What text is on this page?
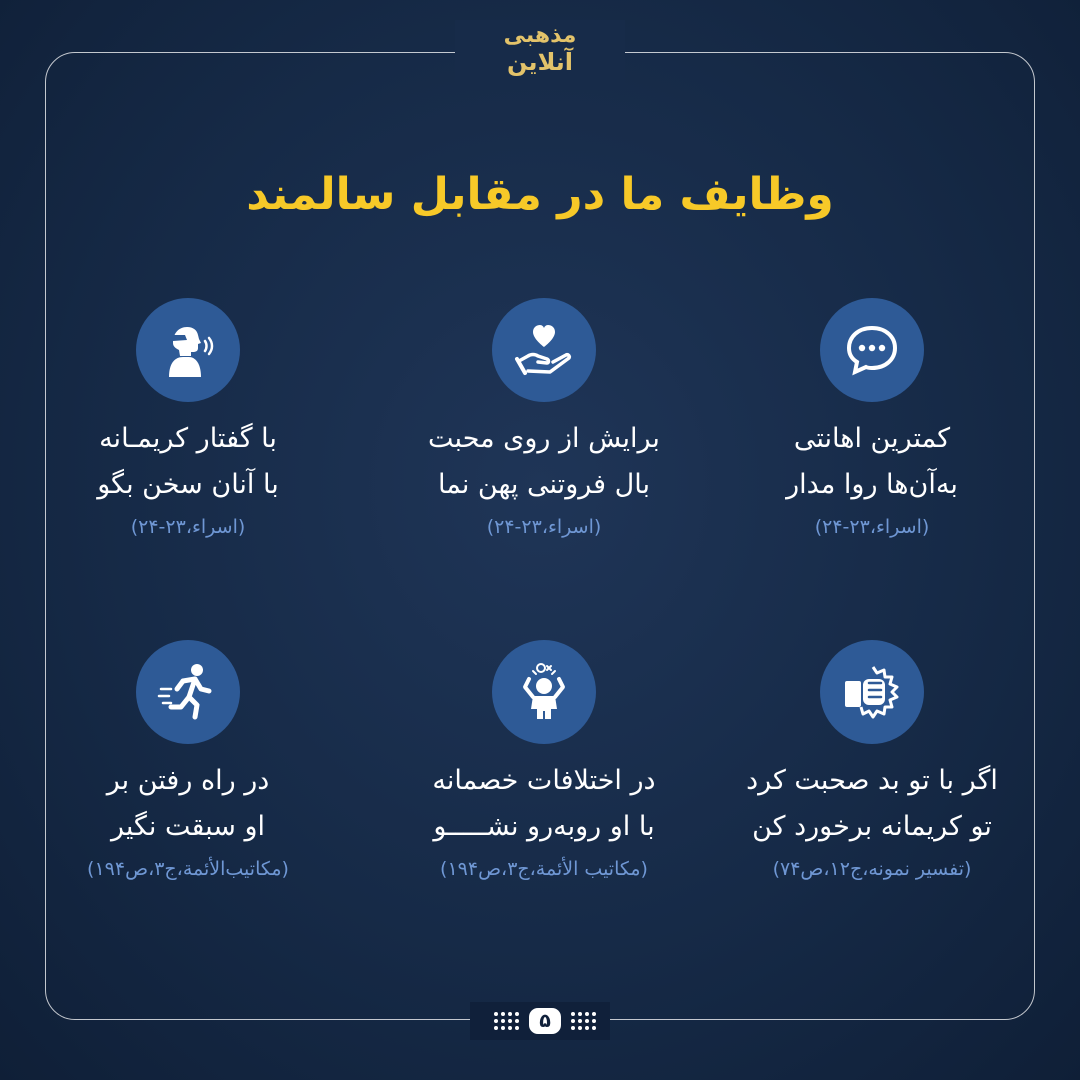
مذهبی
آنلاین
وظایف ما در مقابل سالمند
کمترین اهانتی
به‌آن‌ها روا مدار
(اسراء،۲۳-۲۴)
برایش از روی محبت
بال فروتنی پهن نما
(اسراء،۲۳-۲۴)
با گفتار کریمـانه
با آنان سخن بگو
(اسراء،۲۳-۲۴)
اگر با تو بد صحبت کرد
تو کریمانه برخورد کن
(تفسیر نمونه،ج۱۲،ص۷۴)
در اختلافات خصمانه
با او روبه‌رو نشـــــو
(مکاتیب الأئمة،ج۳،ص۱۹۴)
در راه رفتن بر
او سبقت نگیر
(مکاتیب‌الأئمة،ج۳،ص۱۹۴)
۵
